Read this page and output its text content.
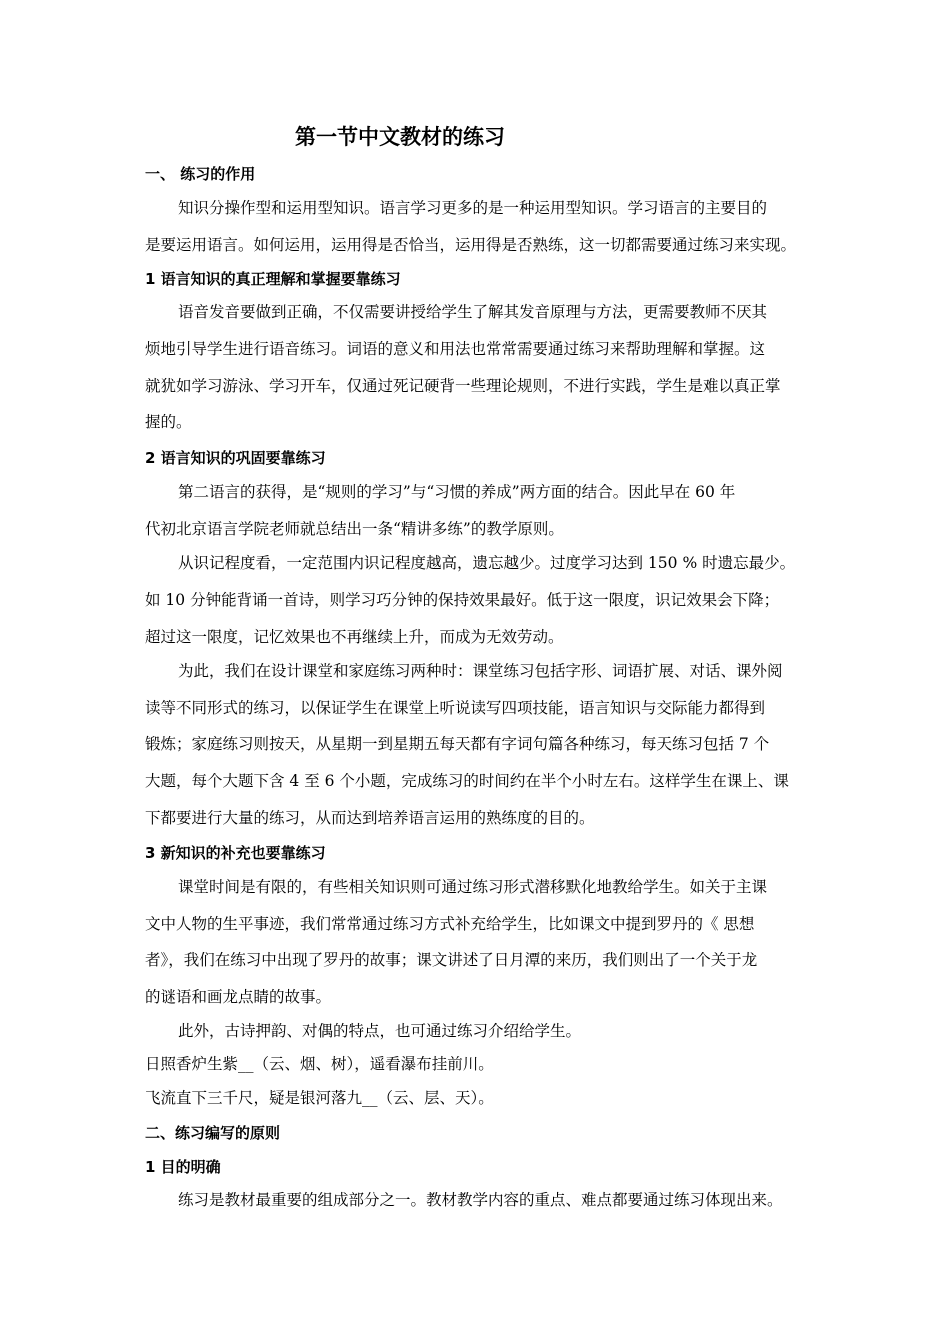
第一节中文教材的练习
一、 练习的作用
知识分操作型和运用型知识。语言学习更多的是一种运用型知识。学习语言的主要目的
是要运用语言。如何运用，运用得是否恰当，运用得是否熟练，这一切都需要通过练习来实现。
1 语言知识的真正理解和掌握要靠练习
语音发音要做到正确，不仅需要讲授给学生了解其发音原理与方法，更需要教师不厌其
烦地引导学生进行语音练习。词语的意义和用法也常常需要通过练习来帮助理解和掌握。这
就犹如学习游泳、学习开车，仅通过死记硬背一些理论规则，不进行实践，学生是难以真正掌
握的。
2 语言知识的巩固要靠练习
第二语言的获得，是“规则的学习”与“习惯的养成”两方面的结合。因此早在 60 年
代初北京语言学院老师就总结出一条“精讲多练”的教学原则。
从识记程度看，一定范围内识记程度越高，遗忘越少。过度学习达到 150 % 时遗忘最少。
如 10 分钟能背诵一首诗，则学习巧分钟的保持效果最好。低于这一限度，识记效果会下降；
超过这一限度，记忆效果也不再继续上升，而成为无效劳动。
为此，我们在设计课堂和家庭练习两种时：课堂练习包括字形、词语扩展、对话、课外阅
读等不同形式的练习，以保证学生在课堂上听说读写四项技能，语言知识与交际能力都得到
锻炼；家庭练习则按天，从星期一到星期五每天都有字词句篇各种练习，每天练习包括 7 个
大题，每个大题下含 4 至 6 个小题，完成练习的时间约在半个小时左右。这样学生在课上、课
下都要进行大量的练习，从而达到培养语言运用的熟练度的目的。
3 新知识的补充也要靠练习
课堂时间是有限的，有些相关知识则可通过练习形式潜移默化地教给学生。如关于主课
文中人物的生平事迹，我们常常通过练习方式补充给学生，比如课文中提到罗丹的《 思想
者》，我们在练习中出现了罗丹的故事；课文讲述了日月潭的来历，我们则出了一个关于龙
的谜语和画龙点睛的故事。
此外，古诗押韵、对偶的特点，也可通过练习介绍给学生。
日照香炉生紫__（云、烟、树），遥看瀑布挂前川。
飞流直下三千尺，疑是银河落九__（云、层、天）。
二、练习编写的原则
1 目的明确
练习是教材最重要的组成部分之一。教材教学内容的重点、难点都要通过练习体现出来。
